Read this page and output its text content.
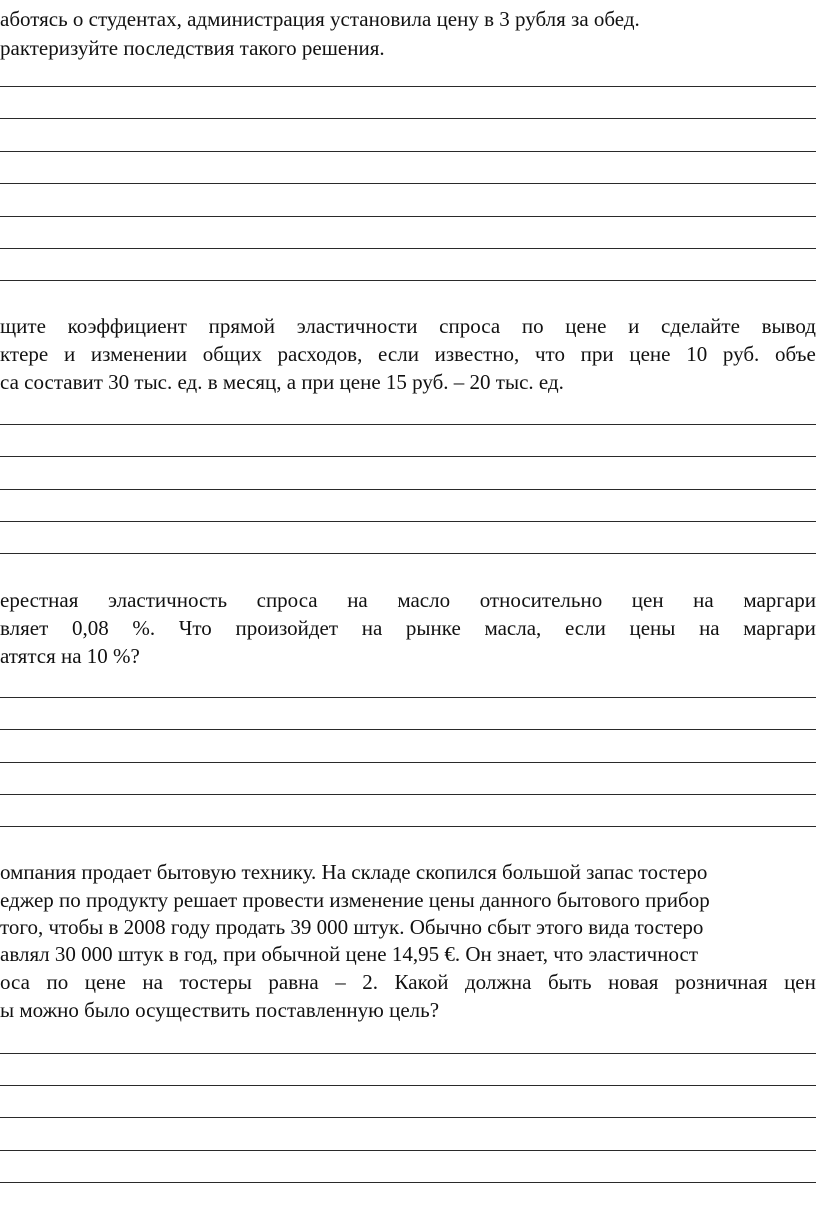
аботясь о студентах, администрация установила цену в 3 рубля за обед.
рактеризуйте последствия такого решения.
щите коэффициент прямой эластичности спроса по цене и сделайте вывод
ктере и изменении общих расходов, если известно, что при цене 10 руб. объе
са составит 30 тыс. ед. в месяц, а при цене 15 руб. – 20 тыс. ед.
ерестная эластичность спроса на масло относительно цен на маргари
вляет 0,08 %. Что произойдет на рынке масла, если цены на маргари
атятся на 10 %?
омпания продает бытовую технику. На складе скопился большой запас тостеро
еджер по продукту решает провести изменение цены данного бытового прибор
того, чтобы в 2008 году продать 39 000 штук. Обычно сбыт этого вида тостеро
авлял 30 000 штук в год, при обычной цене 14,95 €. Он знает, что эластичност
оса по цене на тостеры равна – 2. Какой должна быть новая розничная цен
ы можно было осуществить поставленную цель?
